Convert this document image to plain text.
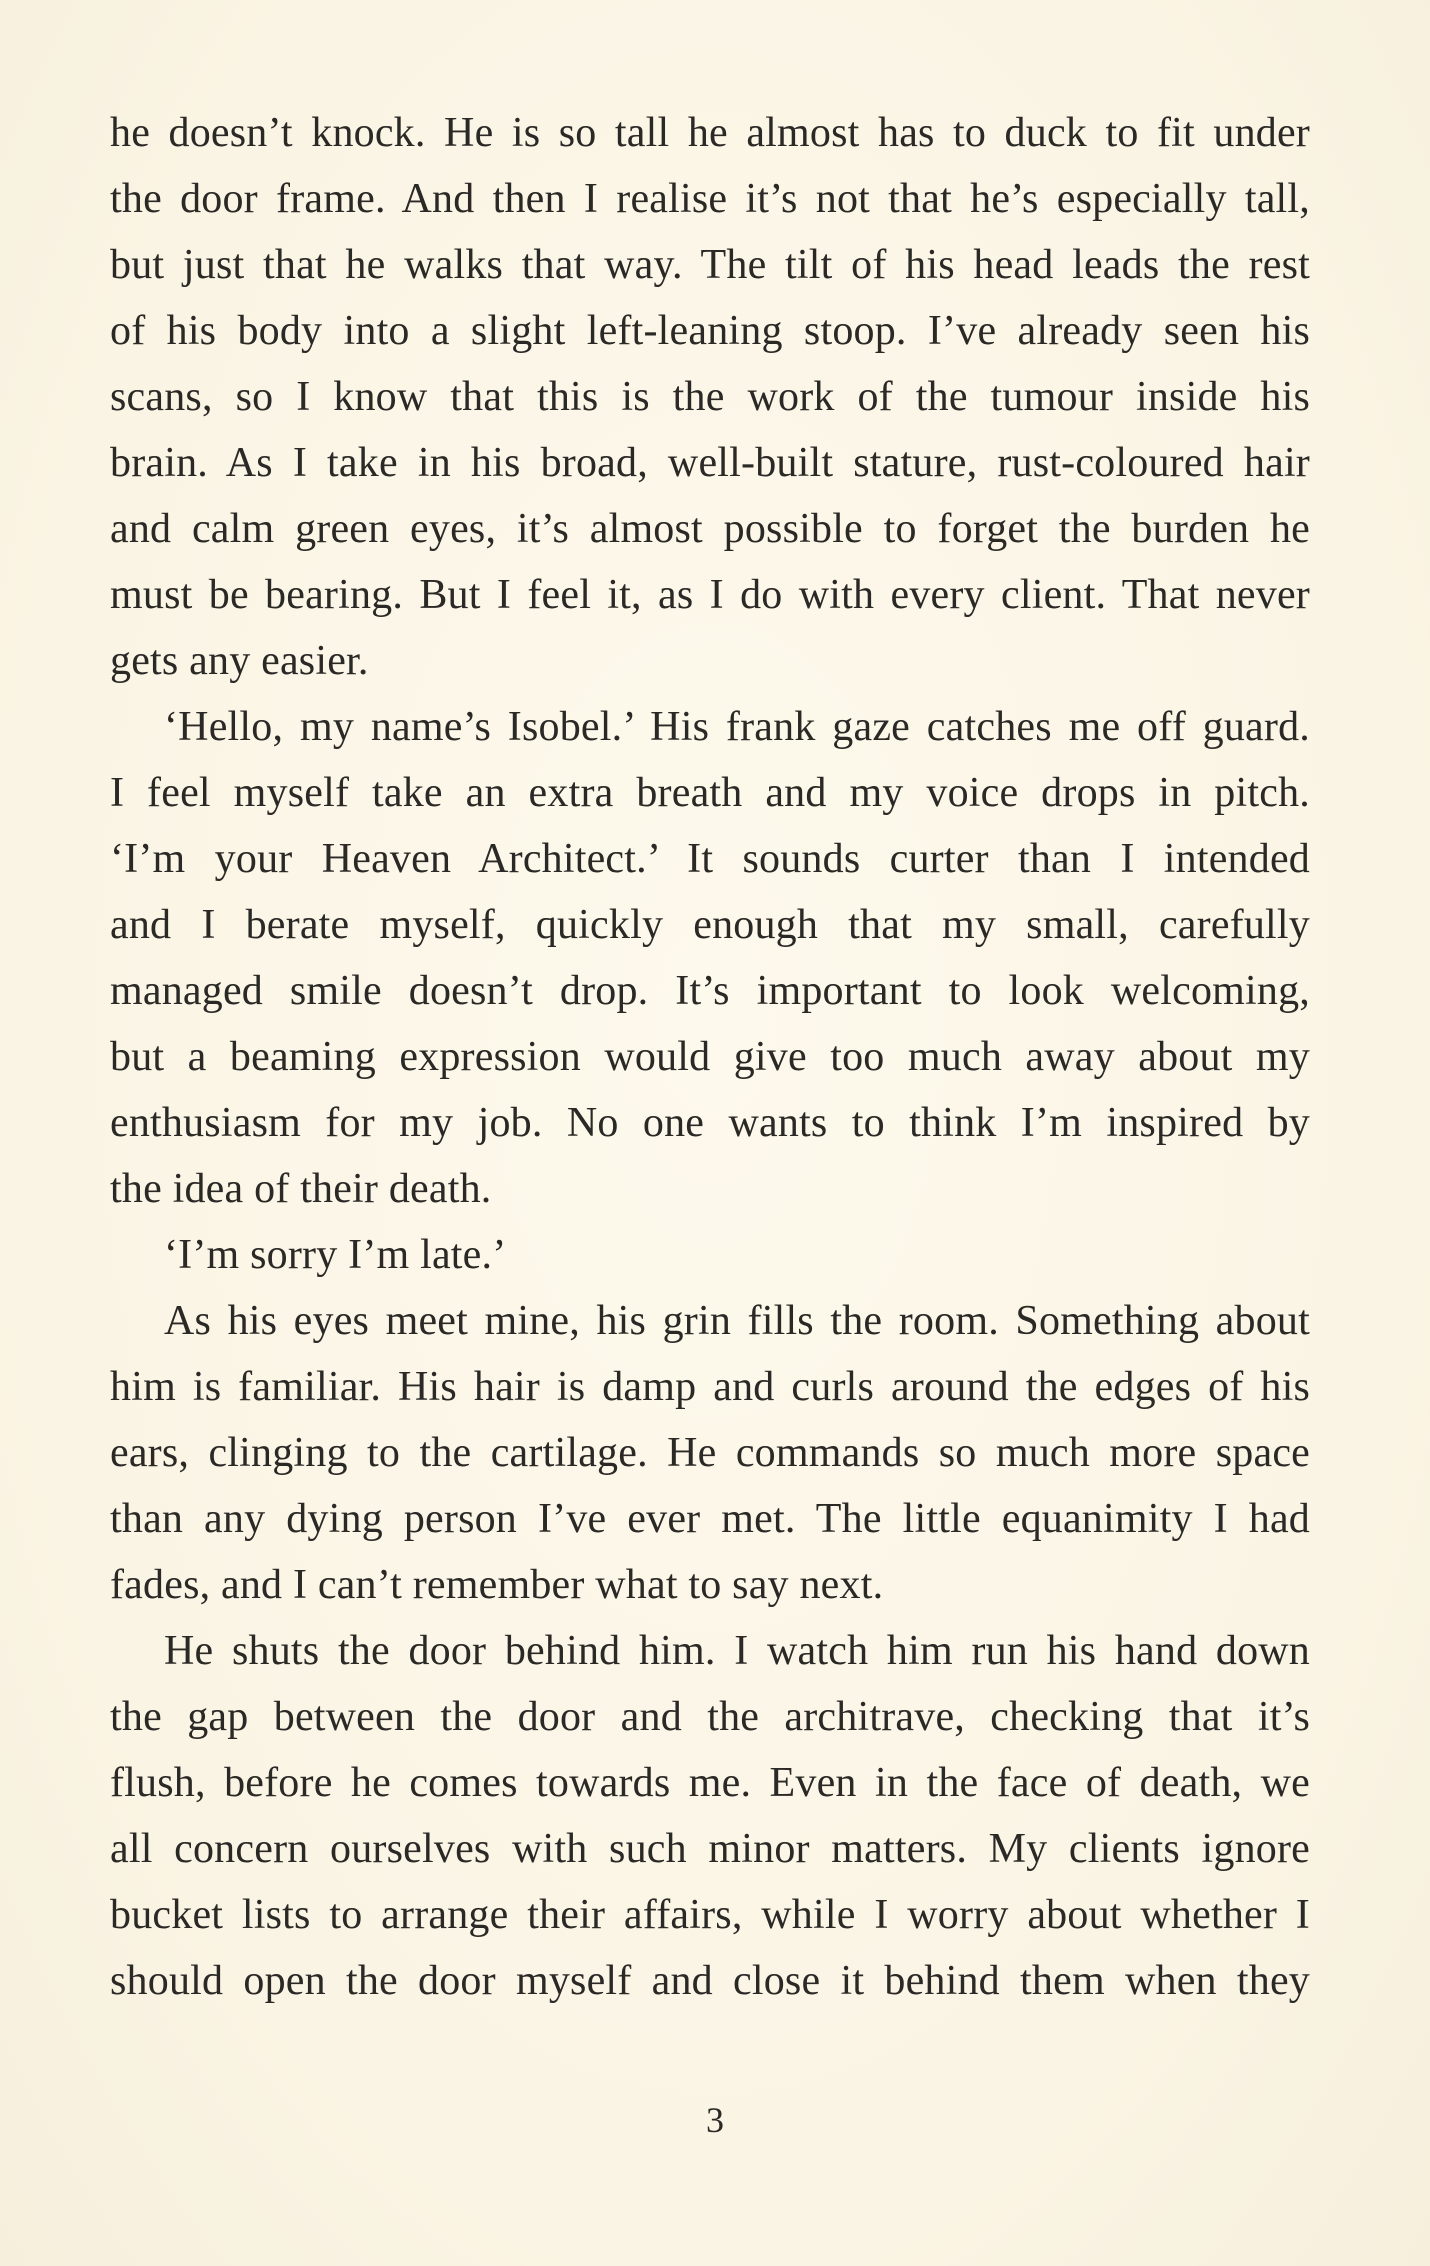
he doesn’t knock. He is so tall he almost has to duck to fit under
the door frame. And then I realise it’s not that he’s especially tall,
but just that he walks that way. The tilt of his head leads the rest
of his body into a slight left-leaning stoop. I’ve already seen his
scans, so I know that this is the work of the tumour inside his
brain. As I take in his broad, well-built stature, rust-coloured hair
and calm green eyes, it’s almost possible to forget the burden he
must be bearing. But I feel it, as I do with every client. That never
gets any easier.
‘Hello, my name’s Isobel.’ His frank gaze catches me off guard.
I feel myself take an extra breath and my voice drops in pitch.
‘I’m your Heaven Architect.’ It sounds curter than I intended
and I berate myself, quickly enough that my small, carefully
managed smile doesn’t drop. It’s important to look welcoming,
but a beaming expression would give too much away about my
enthusiasm for my job. No one wants to think I’m inspired by
the idea of their death.
‘I’m sorry I’m late.’
As his eyes meet mine, his grin fills the room. Something about
him is familiar. His hair is damp and curls around the edges of his
ears, clinging to the cartilage. He commands so much more space
than any dying person I’ve ever met. The little equanimity I had
fades, and I can’t remember what to say next.
He shuts the door behind him. I watch him run his hand down
the gap between the door and the architrave, checking that it’s
flush, before he comes towards me. Even in the face of death, we
all concern ourselves with such minor matters. My clients ignore
bucket lists to arrange their affairs, while I worry about whether I
should open the door myself and close it behind them when they
3
